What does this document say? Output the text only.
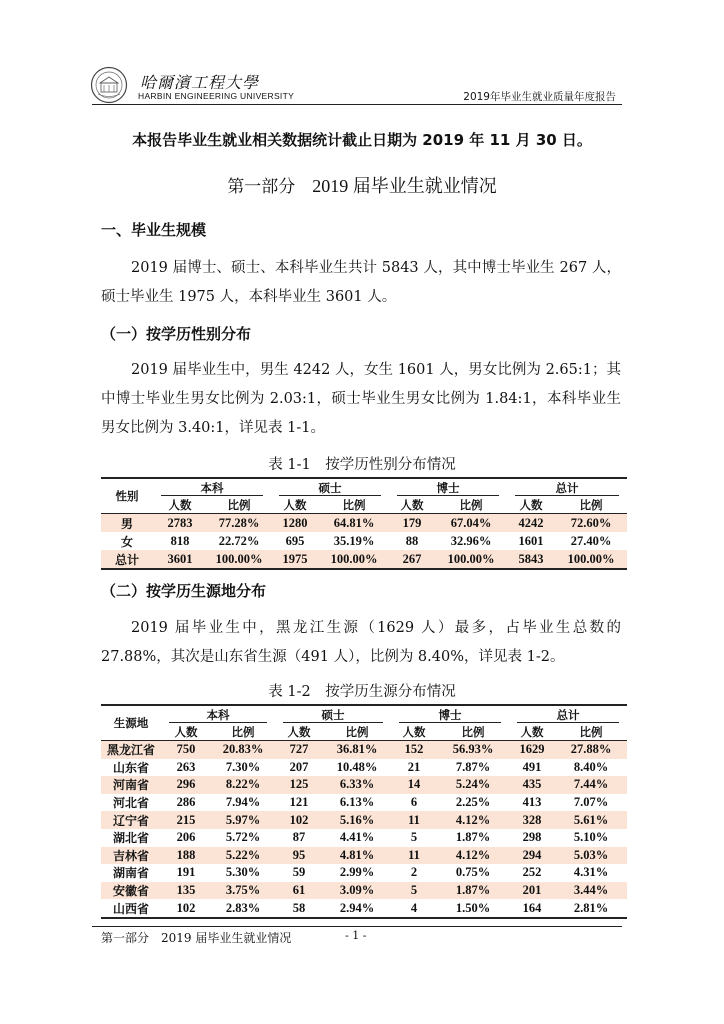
哈爾濱工程大學
HARBIN ENGINEERING UNIVERSITY	2019年毕业生就业质量年度报告
本报告毕业生就业相关数据统计截止日期为 2019 年 11 月 30 日。
第一部分　 2019 届毕业生就业情况
一、毕业生规模

2019 届博士、硕士、本科毕业生共计 5843 人，其中博士毕业生 267 人，硕士毕业生 1975 人，本科毕业生 3601 人。

（一）按学历性别分布

2019 届毕业生中，男生 4242 人，女生 1601 人，男女比例为 2.65:1；其中博士毕业生男女比例为 2.03:1，硕士毕业生男女比例为 1.84:1，本科毕业生男女比例为 3.40:1，详见表 1-1。

表 1-1　按学历性别分布情况
性别	本科		硕士		博士		总计	
	人数	比例	人数	比例	人数	比例	人数	比例
男	2783	77.28%	1280	64.81%	179	67.04%	4242	72.60%
女	818	22.72%	695	35.19%	88	32.96%	1601	27.40%
总计	3601	100.00%	1975	100.00%	267	100.00%	5843	100.00%
（二）按学历生源地分布

2019 届毕业生中，黑龙江生源（1629 人）最多，占毕业生总数的 27.88%，其次是山东省生源（491 人），比例为 8.40%，详见表 1-2。

表 1-2　按学历生源分布情况
生源地	本科		硕士		博士		总计	
	人数	比例	人数	比例	人数	比例	人数	比例
黑龙江省	750	20.83%	727	36.81%	152	56.93%	1629	27.88%
山东省	263	7.30%	207	10.48%	21	7.87%	491	8.40%
河南省	296	8.22%	125	6.33%	14	5.24%	435	7.44%
河北省	286	7.94%	121	6.13%	6	2.25%	413	7.07%
辽宁省	215	5.97%	102	5.16%	11	4.12%	328	5.61%
湖北省	206	5.72%	87	4.41%	5	1.87%	298	5.10%
吉林省	188	5.22%	95	4.81%	11	4.12%	294	5.03%
湖南省	191	5.30%	59	2.99%	2	0.75%	252	4.31%
安徽省	135	3.75%	61	3.09%	5	1.87%	201	3.44%
山西省	102	2.83%	58	2.94%	4	1.50%	164	2.81%
第一部分　2019 届毕业生就业情况	- 1 -
